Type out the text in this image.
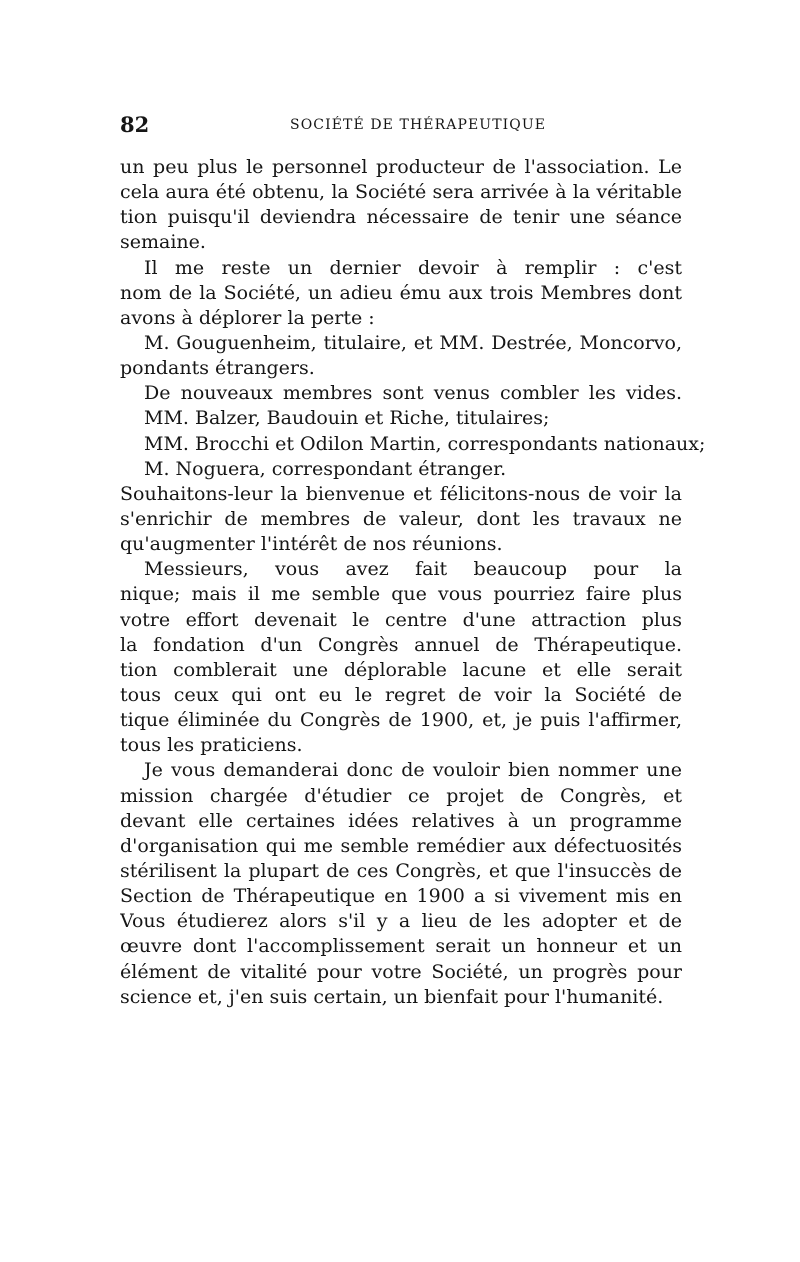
82	SOCIÉTÉ DE THÉRAPEUTIQUE
un peu plus le personnel producteur de l'association. Le
cela aura été obtenu, la Société sera arrivée à la véritable
tion puisqu'il deviendra nécessaire de tenir une séance
semaine.
Il me reste un dernier devoir à remplir : c'est
nom de la Société, un adieu ému aux trois Membres dont
avons à déplorer la perte :
M. Gouguenheim, titulaire, et MM. Destrée, Moncorvo,
pondants étrangers.
De nouveaux membres sont venus combler les vides.
MM. Balzer, Baudouin et Riche, titulaires;
MM. Brocchi et Odilon Martin, correspondants nationaux;
M. Noguera, correspondant étranger.
Souhaitons-leur la bienvenue et félicitons-nous de voir la
s'enrichir de membres de valeur, dont les travaux ne
qu'augmenter l'intérêt de nos réunions.
Messieurs, vous avez fait beaucoup pour la
nique; mais il me semble que vous pourriez faire plus
votre effort devenait le centre d'une attraction plus
la fondation d'un Congrès annuel de Thérapeutique.
tion comblerait une déplorable lacune et elle serait
tous ceux qui ont eu le regret de voir la Société de
tique éliminée du Congrès de 1900, et, je puis l'affirmer,
tous les praticiens.
Je vous demanderai donc de vouloir bien nommer une
mission chargée d'étudier ce projet de Congrès, et
devant elle certaines idées relatives à un programme
d'organisation qui me semble remédier aux défectuosités
stérilisent la plupart de ces Congrès, et que l'insuccès de
Section de Thérapeutique en 1900 a si vivement mis en
Vous étudierez alors s'il y a lieu de les adopter et de
œuvre dont l'accomplissement serait un honneur et un
élément de vitalité pour votre Société, un progrès pour
science et, j'en suis certain, un bienfait pour l'humanité.
